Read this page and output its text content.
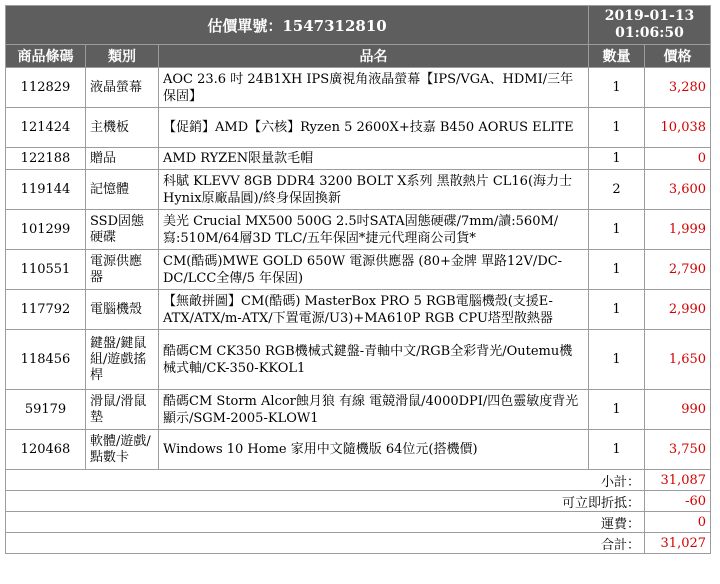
估價單號：1547312810			2019-01-13
01:06:50	

商品條碼	類別	品名	數量	價格
112829	液晶螢幕	AOC 23.6 吋 24B1XH IPS廣視角液晶螢幕【IPS/VGA、HDMI/三年保固】	1	3,280
121424	主機板	【促銷】AMD【六核】Ryzen 5 2600X+技嘉 B450 AORUS ELITE	1	10,038
122188	贈品	AMD RYZEN限量款毛帽	1	0
119144	記憶體	科賦 KLEVV 8GB DDR4 3200 BOLT X系列 黑散熱片 CL16(海力士 Hynix原廠晶圓)/終身保固換新	2	3,600
101299	SSD固態硬碟	美光 Crucial MX500 500G 2.5吋SATA固態硬碟/7mm/讀:560M/寫:510M/64層3D TLC/五年保固*捷元代理商公司貨*	1	1,999
110551	電源供應器	CM(酷碼)MWE GOLD 650W 電源供應器 (80+金牌 單路12V/DC-DC/LCC全傳/5 年保固)	1	2,790
117792	電腦機殼	【無敵拼圖】CM(酷碼) MasterBox PRO 5 RGB電腦機殼(支援E-ATX/ATX/m-ATX/下置電源/U3)+MA610P RGB CPU塔型散熱器	1	2,990
118456	鍵盤/鍵鼠組/遊戲搖桿	酷碼CM CK350 RGB機械式鍵盤-青軸中文/RGB全彩背光/Outemu機械式軸/CK-350-KKOL1	1	1,650
59179	滑鼠/滑鼠墊	酷碼CM Storm Alcor蝕月狼 有線 電競滑鼠/4000DPI/四色靈敏度背光顯示/SGM-2005-KLOW1	1	990
120468	軟體/遊戲/點數卡	Windows 10 Home 家用中文隨機版 64位元(搭機價)	1	3,750
小計：				31,087
可立即折抵：				-60
運費：				0
合計：				31,027
